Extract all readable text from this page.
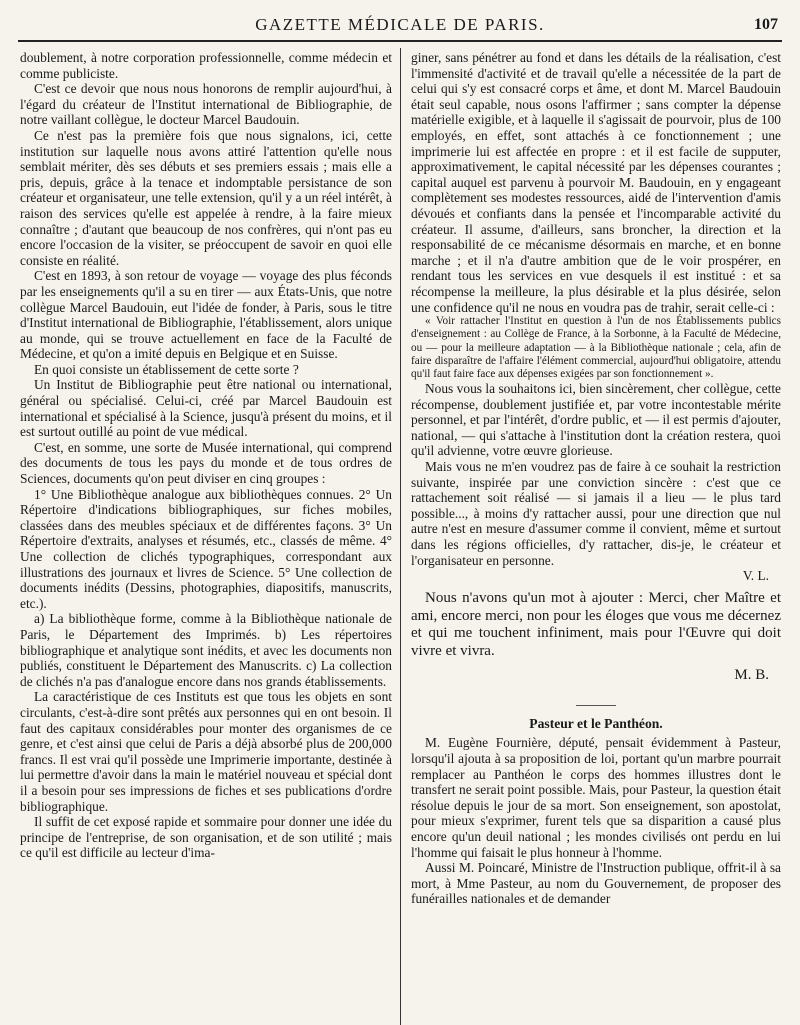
GAZETTE MÉDICALE DE PARIS.	107

doublement, à notre corporation professionnelle, comme médecin et comme publiciste.

C'est ce devoir que nous nous honorons de remplir aujourd'hui, à l'égard du créateur de l'Institut international de Bibliographie, de notre vaillant collègue, le docteur Marcel Baudouin.

Ce n'est pas la première fois que nous signalons, ici, cette institution sur laquelle nous avons attiré l'attention qu'elle nous semblait mériter, dès ses débuts et ses premiers essais ; mais elle a pris, depuis, grâce à la tenace et indomptable persistance de son créateur et organisateur, une telle extension, qu'il y a un réel intérêt, à raison des services qu'elle est appelée à rendre, à la faire mieux connaître ; d'autant que beaucoup de nos confrères, qui n'ont pas eu encore l'occasion de la visiter, se préoccupent de savoir en quoi elle consiste en réalité.

C'est en 1893, à son retour de voyage — voyage des plus féconds par les enseignements qu'il a su en tirer — aux États-Unis, que notre collègue Marcel Baudouin, eut l'idée de fonder, à Paris, sous le titre d'Institut international de Bibliographie, l'établissement, alors unique au monde, qui se trouve actuellement en face de la Faculté de Médecine, et qu'on a imité depuis en Belgique et en Suisse.

En quoi consiste un établissement de cette sorte ?

Un Institut de Bibliographie peut être national ou international, général ou spécialisé. Celui-ci, créé par Marcel Baudouin est international et spécialisé à la Science, jusqu'à présent du moins, et il est surtout outillé au point de vue médical.

C'est, en somme, une sorte de Musée international, qui comprend des documents de tous les pays du monde et de tous ordres de Sciences, documents qu'on peut diviser en cinq groupes :

1° Une Bibliothèque analogue aux bibliothèques connues. 2° Un Répertoire d'indications bibliographiques, sur fiches mobiles, classées dans des meubles spéciaux et de différentes façons. 3° Un Répertoire d'extraits, analyses et résumés, etc., classés de même. 4° Une collection de clichés typographiques, correspondant aux illustrations des journaux et livres de Science. 5° Une collection de documents inédits (Dessins, photographies, diapositifs, manuscrits, etc.).

a) La bibliothèque forme, comme à la Bibliothèque nationale de Paris, le Département des Imprimés. b) Les répertoires bibliographique et analytique sont inédits, et avec les documents non publiés, constituent le Département des Manuscrits. c) La collection de clichés n'a pas d'analogue encore dans nos grands établissements.

La caractéristique de ces Instituts est que tous les objets en sont circulants, c'est-à-dire sont prêtés aux personnes qui en ont besoin. Il faut des capitaux considérables pour monter des organismes de ce genre, et c'est ainsi que celui de Paris a déjà absorbé plus de 200,000 francs. Il est vrai qu'il possède une Imprimerie importante, destinée à lui permettre d'avoir dans la main le matériel nouveau et spécial dont il a besoin pour ses impressions de fiches et ses publications d'ordre bibliographique.

Il suffit de cet exposé rapide et sommaire pour donner une idée du principe de l'entreprise, de son organisation, et de son utilité ; mais ce qu'il est difficile au lecteur d'ima-

giner, sans pénétrer au fond et dans les détails de la réalisation, c'est l'immensité d'activité et de travail qu'elle a nécessitée de la part de celui qui s'y est consacré corps et âme, et dont M. Marcel Baudouin était seul capable, nous osons l'affirmer ; sans compter la dépense matérielle exigible, et à laquelle il s'agissait de pourvoir, plus de 100 employés, en effet, sont attachés à ce fonctionnement ; une imprimerie lui est affectée en propre : et il est facile de supputer, approximativement, le capital nécessité par les dépenses courantes ; capital auquel est parvenu à pourvoir M. Baudouin, en y engageant complètement ses modestes ressources, aidé de l'intervention d'amis dévoués et confiants dans la pensée et l'incomparable activité du créateur. Il assume, d'ailleurs, sans broncher, la direction et la responsabilité de ce mécanisme désormais en marche, et en bonne marche ; et il n'a d'autre ambition que de le voir prospérer, en rendant tous les services en vue desquels il est institué : et sa récompense la meilleure, la plus désirable et la plus désirée, selon une confidence qu'il ne nous en voudra pas de trahir, serait celle-ci :

« Voir rattacher l'Institut en question à l'un de nos Établissements publics d'enseignement : au Collège de France, à la Sorbonne, à la Faculté de Médecine, ou — pour la meilleure adaptation — à la Bibliothèque nationale ; cela, afin de faire disparaître de l'affaire l'élément commercial, aujourd'hui obligatoire, attendu qu'il faut faire face aux dépenses exigées par son fonctionnement ».

Nous vous la souhaitons ici, bien sincèrement, cher collègue, cette récompense, doublement justifiée et, par votre incontestable mérite personnel, et par l'intérêt, d'ordre public, et — il est permis d'ajouter, national, — qui s'attache à l'institution dont la création restera, quoi qu'il advienne, votre œuvre glorieuse.

Mais vous ne m'en voudrez pas de faire à ce souhait la restriction suivante, inspirée par une conviction sincère : c'est que ce rattachement soit réalisé — si jamais il a lieu — le plus tard possible..., à moins d'y rattacher aussi, pour une direction que nul autre n'est en mesure d'assumer comme il convient, même et surtout dans les régions officielles, d'y rattacher, dis-je, le créateur et l'organisateur en personne.

V. L.

Nous n'avons qu'un mot à ajouter : Merci, cher Maître et ami, encore merci, non pour les éloges que vous me décernez et qui me touchent infiniment, mais pour l'Œuvre qui doit vivre et vivra.

M. B.

Pasteur et le Panthéon.

M. Eugène Fournière, député, pensait évidemment à Pasteur, lorsqu'il ajouta à sa proposition de loi, portant qu'un marbre pourrait remplacer au Panthéon le corps des hommes illustres dont le transfert ne serait point possible. Mais, pour Pasteur, la question était résolue depuis le jour de sa mort. Son enseignement, son apostolat, pour mieux s'exprimer, furent tels que sa disparition a causé plus encore qu'un deuil national ; les mondes civilisés ont perdu en lui l'homme qui faisait le plus honneur à l'homme.

Aussi M. Poincaré, Ministre de l'Instruction publique, offrit-il à sa mort, à Mme Pasteur, au nom du Gouvernement, de proposer des funérailles nationales et de demander
